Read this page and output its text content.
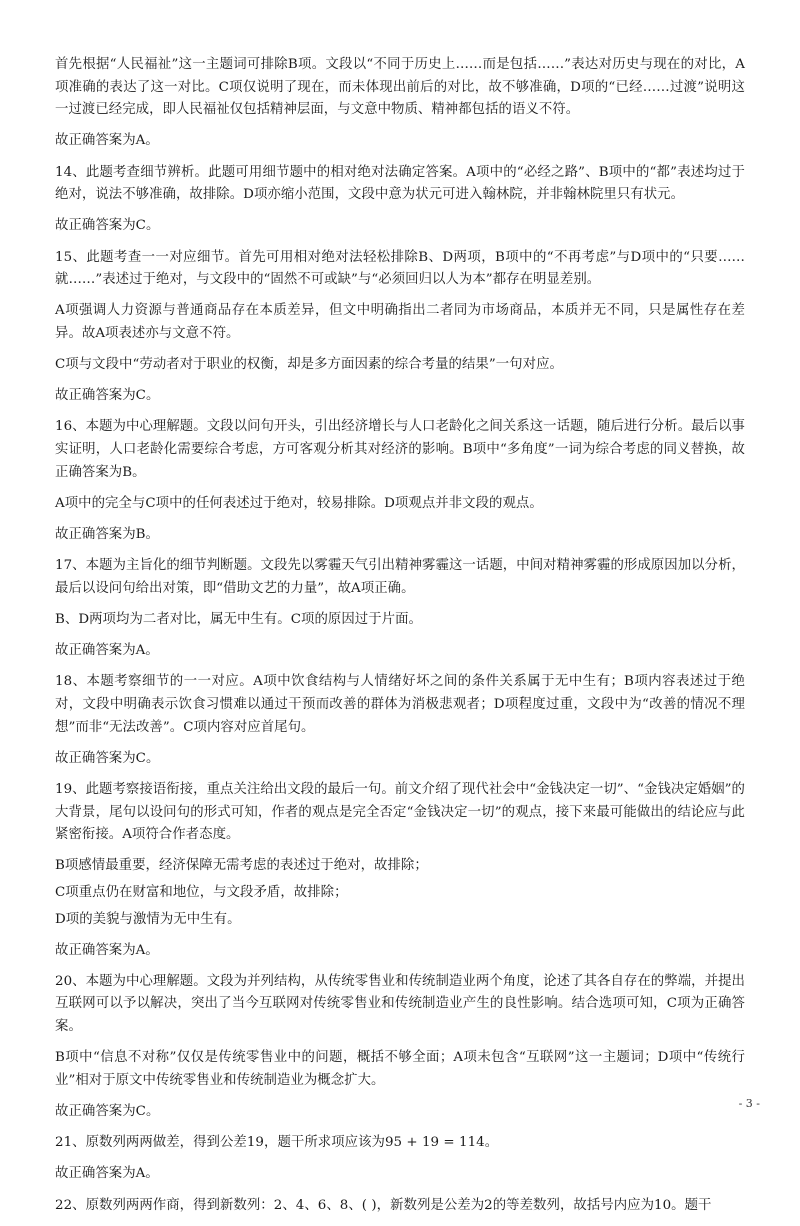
首先根据“人民福祉”这一主题词可排除B项。文段以“不同于历史上……而是包括……”表达对历史与现在的对比，A项准确的表达了这一对比。C项仅说明了现在，而未体现出前后的对比，故不够准确，D项的“已经……过渡”说明这一过渡已经完成，即人民福祉仅包括精神层面，与文意中物质、精神都包括的语义不符。

故正确答案为A。

14、此题考查细节辨析。此题可用细节题中的相对绝对法确定答案。A项中的“必经之路”、B项中的“都”表述均过于绝对，说法不够准确，故排除。D项亦缩小范围，文段中意为状元可进入翰林院，并非翰林院里只有状元。

故正确答案为C。

15、此题考查一一对应细节。首先可用相对绝对法轻松排除B、D两项，B项中的“不再考虑”与D项中的“只要……就……”表述过于绝对，与文段中的“固然不可或缺”与“必须回归以人为本”都存在明显差别。

A项强调人力资源与普通商品存在本质差异，但文中明确指出二者同为市场商品，本质并无不同，只是属性存在差异。故A项表述亦与文意不符。

C项与文段中“劳动者对于职业的权衡，却是多方面因素的综合考量的结果”一句对应。

故正确答案为C。

16、本题为中心理解题。文段以问句开头，引出经济增长与人口老龄化之间关系这一话题，随后进行分析。最后以事实证明，人口老龄化需要综合考虑，方可客观分析其对经济的影响。B项中“多角度”一词为综合考虑的同义替换，故正确答案为B。

A项中的完全与C项中的任何表述过于绝对，较易排除。D项观点并非文段的观点。

故正确答案为B。

17、本题为主旨化的细节判断题。文段先以雾霾天气引出精神雾霾这一话题，中间对精神雾霾的形成原因加以分析，最后以设问句给出对策，即“借助文艺的力量”，故A项正确。

B、D两项均为二者对比，属无中生有。C项的原因过于片面。

故正确答案为A。

18、本题考察细节的一一对应。A项中饮食结构与人情绪好坏之间的条件关系属于无中生有；B项内容表述过于绝对，文段中明确表示饮食习惯难以通过干预而改善的群体为消极悲观者；D项程度过重，文段中为“改善的情况不理想”而非“无法改善”。C项内容对应首尾句。

故正确答案为C。

19、此题考察接语衔接，重点关注给出文段的最后一句。前文介绍了现代社会中“金钱决定一切”、“金钱决定婚姻”的大背景，尾句以设问句的形式可知，作者的观点是完全否定“金钱决定一切”的观点，接下来最可能做出的结论应与此紧密衔接。A项符合作者态度。

B项感情最重要，经济保障无需考虑的表述过于绝对，故排除；

C项重点仍在财富和地位，与文段矛盾，故排除；

D项的美貌与激情为无中生有。

故正确答案为A。

20、本题为中心理解题。文段为并列结构，从传统零售业和传统制造业两个角度，论述了其各自存在的弊端，并提出互联网可以予以解决，突出了当今互联网对传统零售业和传统制造业产生的良性影响。结合选项可知，C项为正确答案。

B项中“信息不对称”仅仅是传统零售业中的问题，概括不够全面；A项未包含“互联网”这一主题词；D项中“传统行业”相对于原文中传统零售业和传统制造业为概念扩大。

故正确答案为C。

21、原数列两两做差，得到公差19，题干所求项应该为95 + 19 = 114。

故正确答案为A。

22、原数列两两作商，得到新数列：2、4、6、8、( )，新数列是公差为2的等差数列，故括号内应为10。题干

- 3 -
